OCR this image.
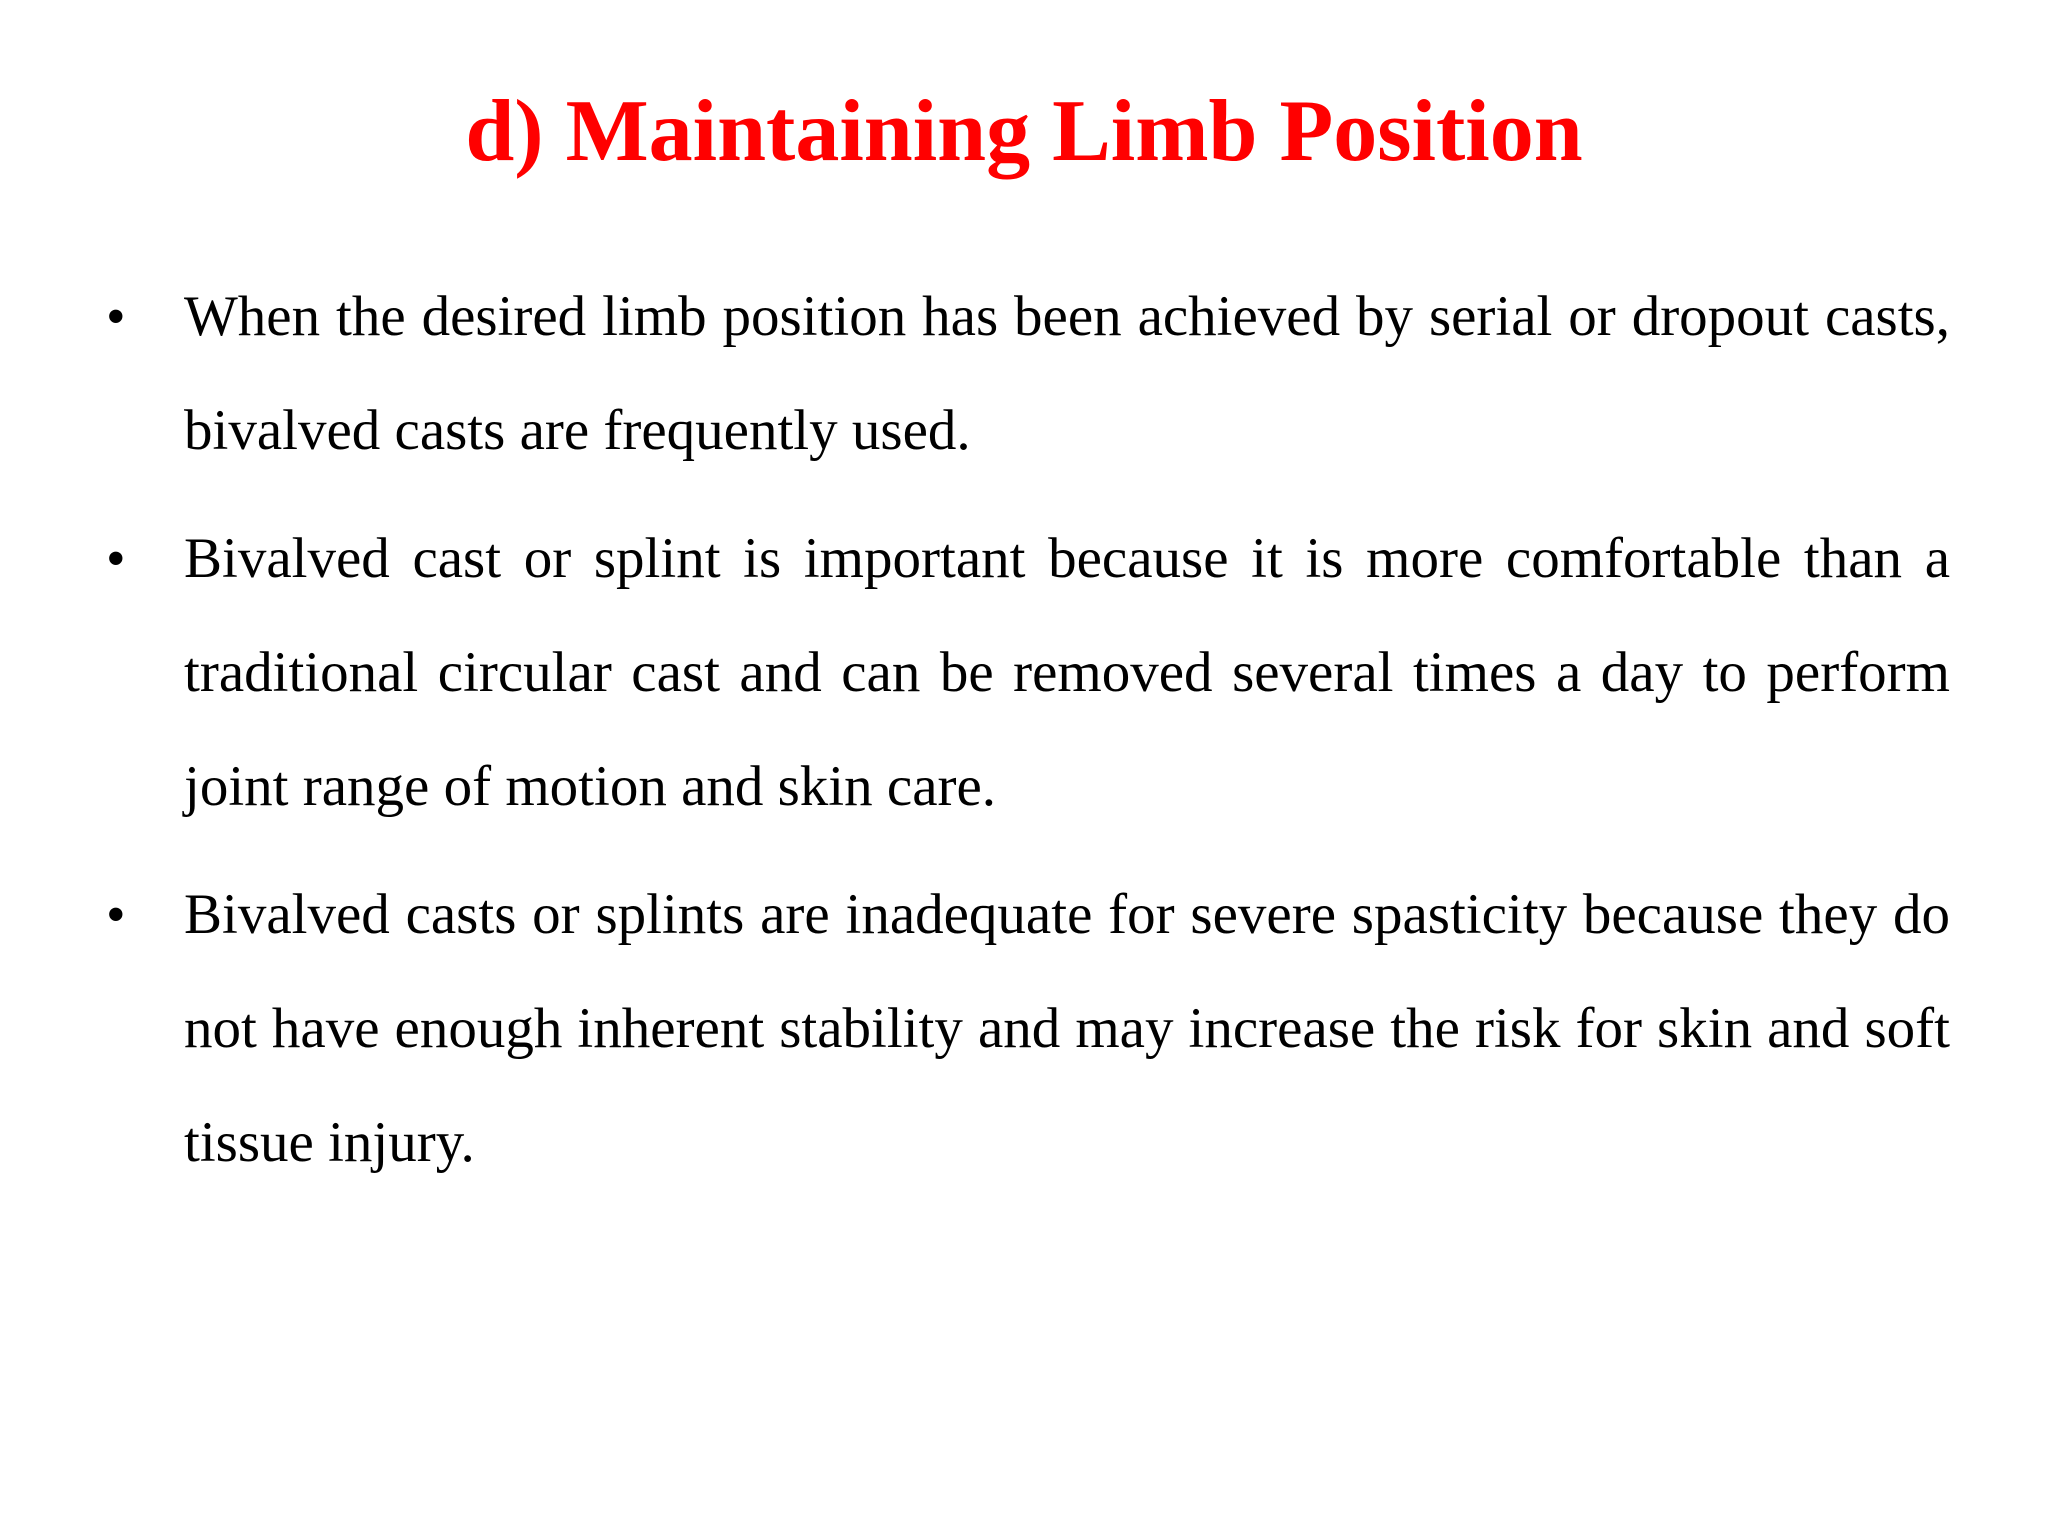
d) Maintaining Limb Position
• When the desired limb position has been achieved by serial or dropout casts, bivalved casts are frequently used.

• Bivalved cast or splint is important because it is more comfortable than a traditional circular cast and can be removed several times a day to perform joint range of motion and skin care.

• Bivalved casts or splints are inadequate for severe spasticity because they do not have enough inherent stability and may increase the risk for skin and soft tissue injury.
